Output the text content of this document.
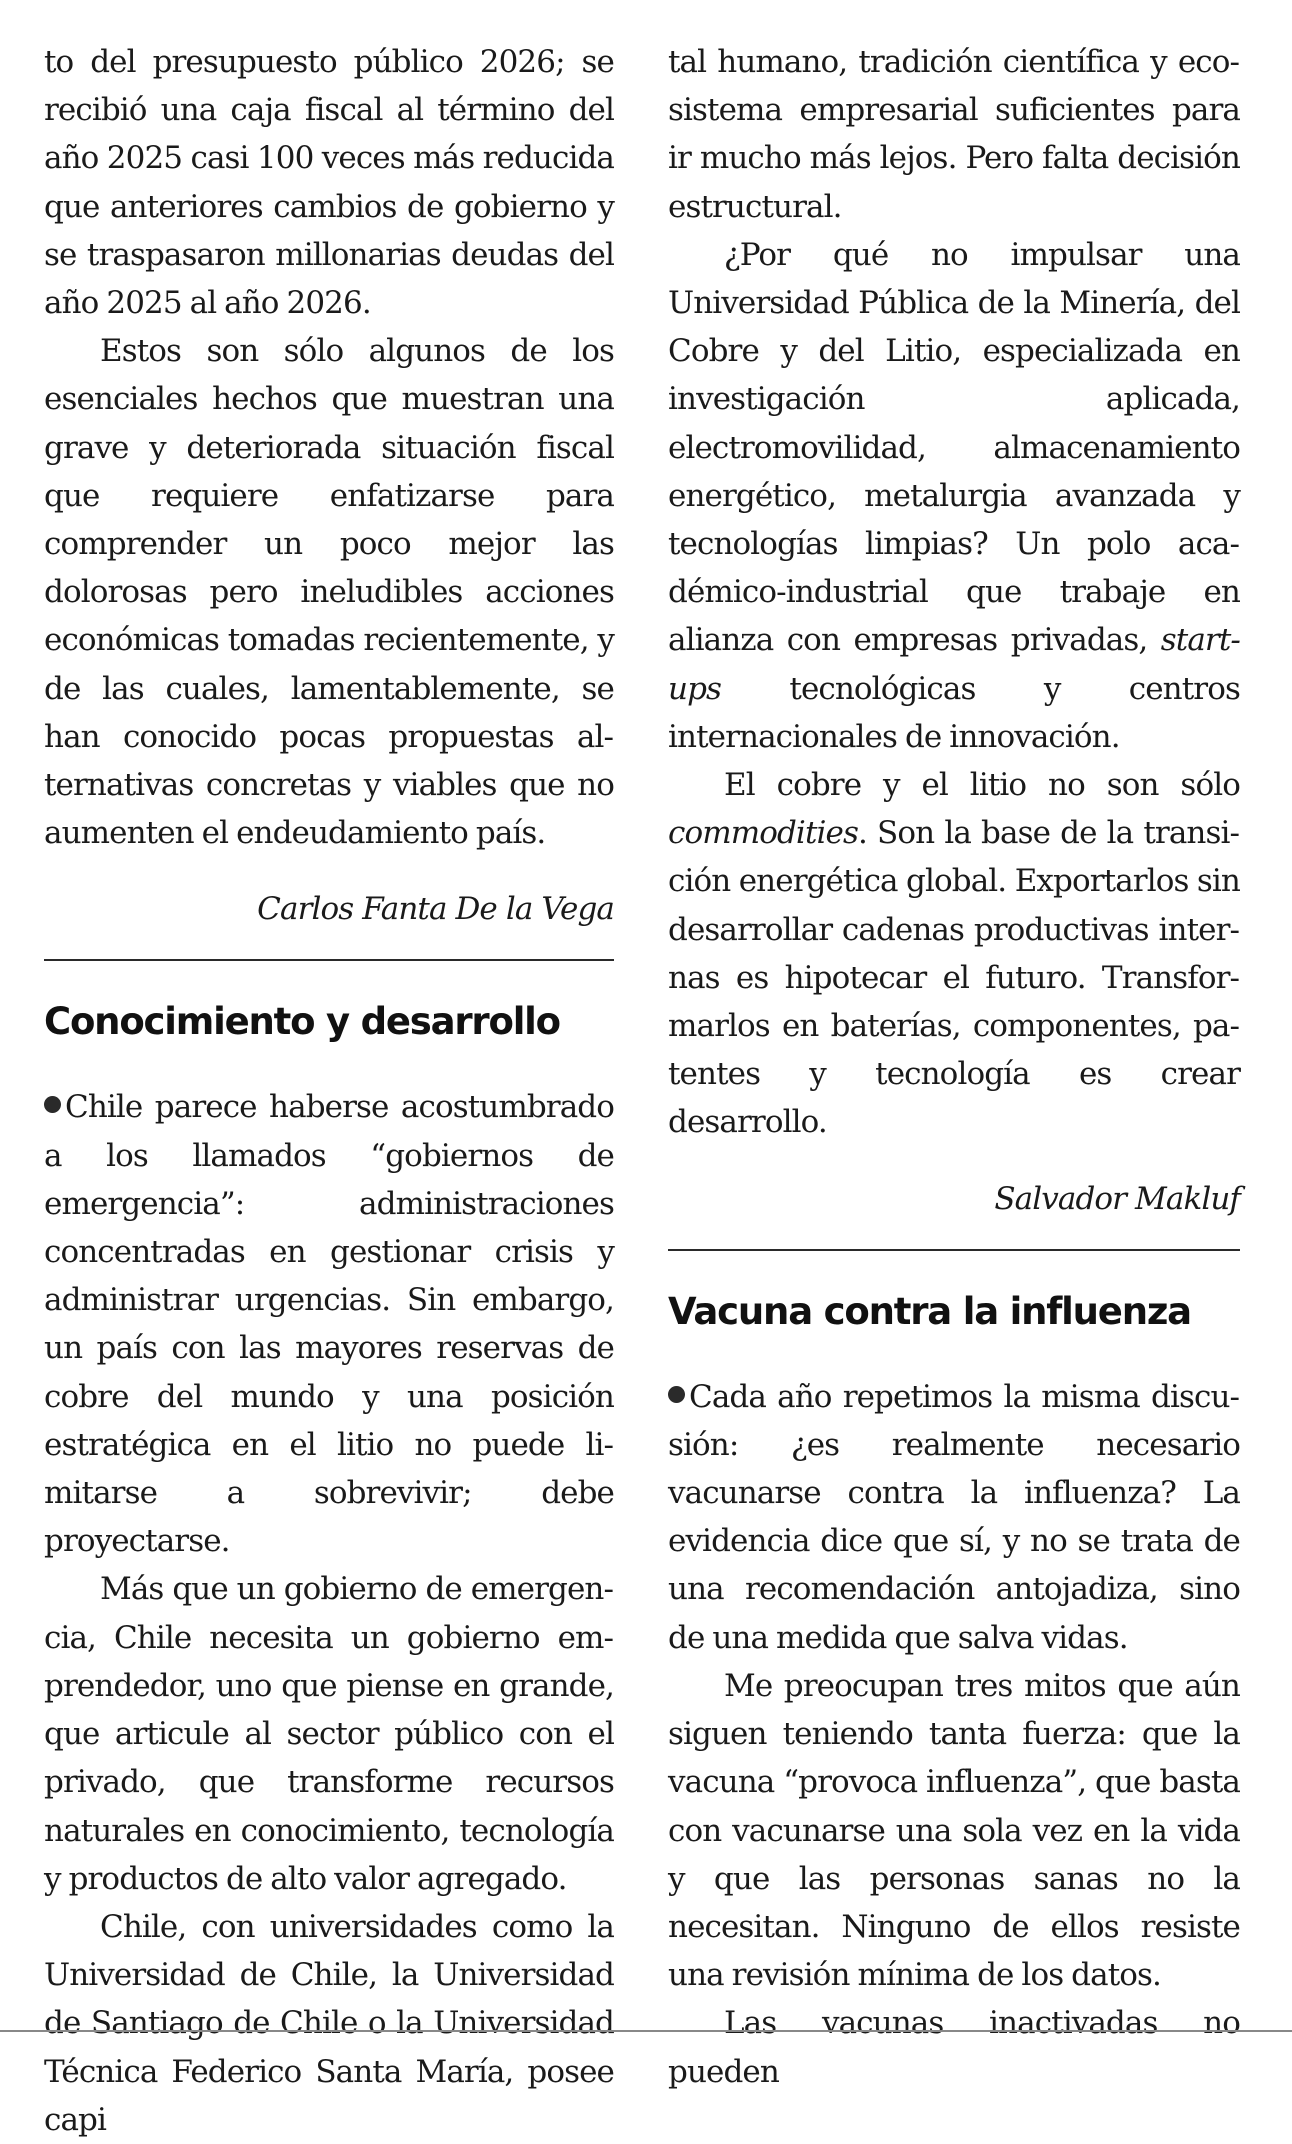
to del presupuesto público 2026; se recibió una caja fiscal al término del año 2025 casi 100 veces más reducida que anteriores cambios de gobierno y se traspasaron millonarias deudas del año 2025 al año 2026.

Estos son sólo algunos de los esenciales hechos que muestran una grave y deteriorada situación fiscal que requiere enfatizarse para comprender un poco mejor las dolorosas pero ineludibles acciones económicas tomadas recientemente, y de las cuales, lamentablemente, se han conocido pocas propuestas alternativas concretas y viables que no aumenten el endeudamiento país.

Carlos Fanta De la Vega

Conocimiento y desarrollo

Chile parece haberse acostumbrado a los llamados “gobiernos de emergencia”: administraciones concentradas en gestionar crisis y administrar urgencias. Sin embargo, un país con las mayores reservas de cobre del mundo y una posición estratégica en el litio no puede limitarse a sobrevivir; debe proyectarse.

Más que un gobierno de emergencia, Chile necesita un gobierno emprendedor, uno que piense en grande, que articule al sector público con el privado, que transforme recursos naturales en conocimiento, tecnología y productos de alto valor agregado.

Chile, con universidades como la Universidad de Chile, la Universidad de Santiago de Chile o la Universidad Técnica Federico Santa María, posee capi

tal humano, tradición científica y ecosistema empresarial suficientes para ir mucho más lejos. Pero falta decisión estructural.

¿Por qué no impulsar una Universidad Pública de la Minería, del Cobre y del Litio, especializada en investigación aplicada, electromovilidad, almacenamiento energético, metalurgia avanzada y tecnologías limpias? Un polo académico-industrial que trabaje en alianza con empresas privadas, start-ups tecnológicas y centros internacionales de innovación.

El cobre y el litio no son sólo commodities. Son la base de la transición energética global. Exportarlos sin desarrollar cadenas productivas internas es hipotecar el futuro. Transformarlos en baterías, componentes, patentes y tecnología es crear desarrollo.

Salvador Makluf

Vacuna contra la influenza

Cada año repetimos la misma discusión: ¿es realmente necesario vacunarse contra la influenza? La evidencia dice que sí, y no se trata de una recomendación antojadiza, sino de una medida que salva vidas.

Me preocupan tres mitos que aún siguen teniendo tanta fuerza: que la vacuna “provoca influenza”, que basta con vacunarse una sola vez en la vida y que las personas sanas no la necesitan. Ninguno de ellos resiste una revisión mínima de los datos.

Las vacunas inactivadas no pueden
